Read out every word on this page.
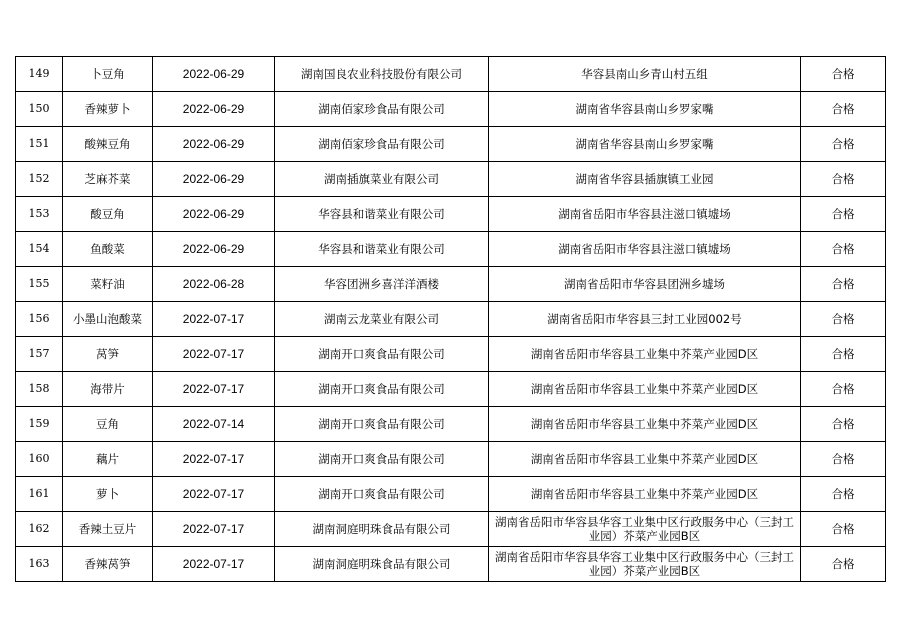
149	卜豆角	2022-06-29	湖南国良农业科技股份有限公司	华容县南山乡青山村五组	合格
150	香辣萝卜	2022-06-29	湖南佰家珍食品有限公司	湖南省华容县南山乡罗家嘴	合格
151	酸辣豆角	2022-06-29	湖南佰家珍食品有限公司	湖南省华容县南山乡罗家嘴	合格
152	芝麻芥菜	2022-06-29	湖南插旗菜业有限公司	湖南省华容县插旗镇工业园	合格
153	酸豆角	2022-06-29	华容县和谐菜业有限公司	湖南省岳阳市华容县注滋口镇墟场	合格
154	鱼酸菜	2022-06-29	华容县和谐菜业有限公司	湖南省岳阳市华容县注滋口镇墟场	合格
155	菜籽油	2022-06-28	华容团洲乡喜洋洋酒楼	湖南省岳阳市华容县团洲乡墟场	合格
156	小墨山泡酸菜	2022-07-17	湖南云龙菜业有限公司	湖南省岳阳市华容县三封工业园002号	合格
157	莴笋	2022-07-17	湖南开口爽食品有限公司	湖南省岳阳市华容县工业集中芥菜产业园D区	合格
158	海带片	2022-07-17	湖南开口爽食品有限公司	湖南省岳阳市华容县工业集中芥菜产业园D区	合格
159	豆角	2022-07-14	湖南开口爽食品有限公司	湖南省岳阳市华容县工业集中芥菜产业园D区	合格
160	藕片	2022-07-17	湖南开口爽食品有限公司	湖南省岳阳市华容县工业集中芥菜产业园D区	合格
161	萝卜	2022-07-17	湖南开口爽食品有限公司	湖南省岳阳市华容县工业集中芥菜产业园D区	合格
162	香辣土豆片	2022-07-17	湖南洞庭明珠食品有限公司	湖南省岳阳市华容县华容工业集中区行政服务中心（三封工业园）芥菜产业园B区	合格
163	香辣莴笋	2022-07-17	湖南洞庭明珠食品有限公司	湖南省岳阳市华容县华容工业集中区行政服务中心（三封工业园）芥菜产业园B区	合格
